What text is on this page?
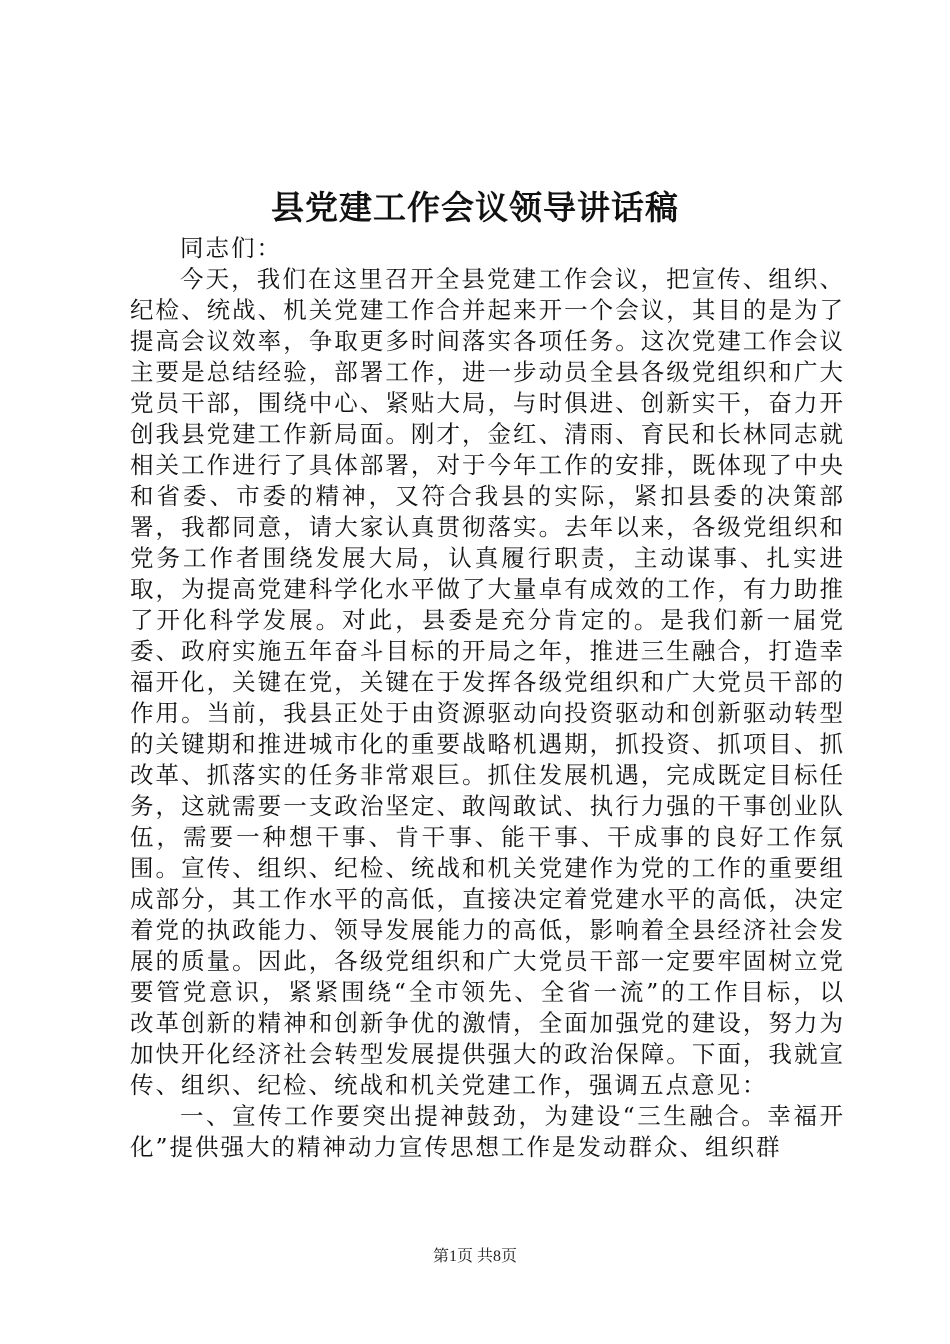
县党建工作会议领导讲话稿

同志们：

今天，我们在这里召开全县党建工作会议，把宣传、组织、纪检、统战、机关党建工作合并起来开一个会议，其目的是为了提高会议效率，争取更多时间落实各项任务。这次党建工作会议主要是总结经验，部署工作，进一步动员全县各级党组织和广大党员干部，围绕中心、紧贴大局，与时俱进、创新实干，奋力开创我县党建工作新局面。刚才，金红、清雨、育民和长林同志就相关工作进行了具体部署，对于今年工作的安排，既体现了中央和省委、市委的精神，又符合我县的实际，紧扣县委的决策部署，我都同意，请大家认真贯彻落实。去年以来，各级党组织和党务工作者围绕发展大局，认真履行职责，主动谋事、扎实进取，为提高党建科学化水平做了大量卓有成效的工作，有力助推了开化科学发展。对此，县委是充分肯定的。是我们新一届党委、政府实施五年奋斗目标的开局之年，推进三生融合，打造幸福开化，关键在党，关键在于发挥各级党组织和广大党员干部的作用。当前，我县正处于由资源驱动向投资驱动和创新驱动转型的关键期和推进城市化的重要战略机遇期，抓投资、抓项目、抓改革、抓落实的任务非常艰巨。抓住发展机遇，完成既定目标任务，这就需要一支政治坚定、敢闯敢试、执行力强的干事创业队伍，需要一种想干事、肯干事、能干事、干成事的良好工作氛围。宣传、组织、纪检、统战和机关党建作为党的工作的重要组成部分，其工作水平的高低，直接决定着党建水平的高低，决定着党的执政能力、领导发展能力的高低，影响着全县经济社会发展的质量。因此，各级党组织和广大党员干部一定要牢固树立党要管党意识，紧紧围绕“全市领先、全省一流”的工作目标，以改革创新的精神和创新争优的激情，全面加强党的建设，努力为加快开化经济社会转型发展提供强大的政治保障。下面，我就宣传、组织、纪检、统战和机关党建工作，强调五点意见：

一、宣传工作要突出提神鼓劲，为建设“三生融合。幸福开化”提供强大的精神动力宣传思想工作是发动群众、组织群

第1页 共8页
